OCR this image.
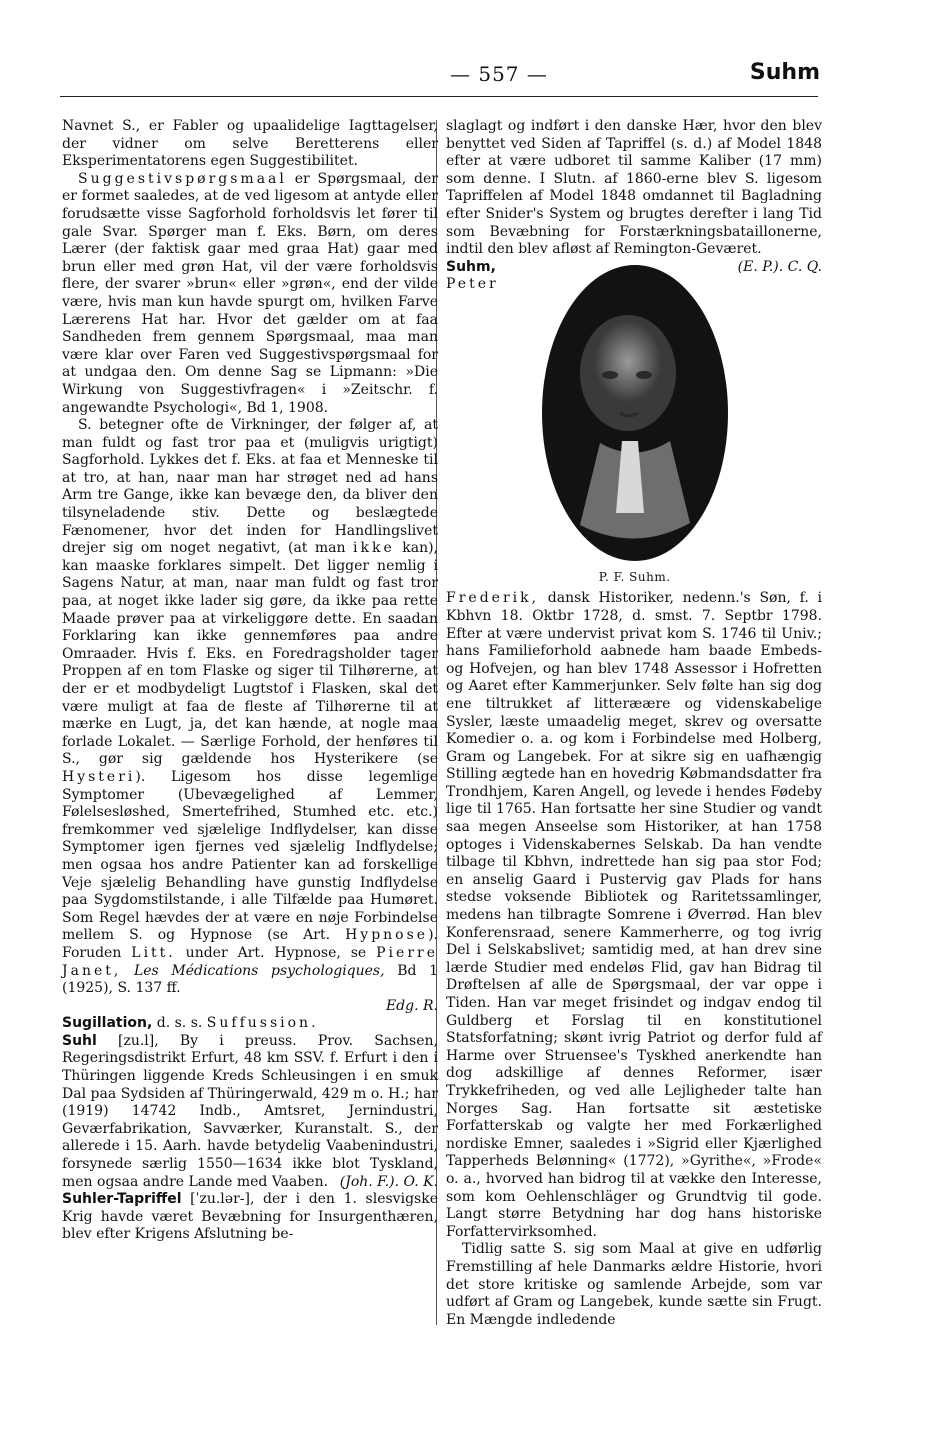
— 557 —	Suhm

Navnet S., er Fabler og upaalidelige Iagttagelser, der vidner om selve Beretterens eller Eksperimentatorens egen Suggestibilitet.

Suggestivspørgsmaal er Spørgsmaal, der er formet saaledes, at de ved ligesom at antyde eller forudsætte visse Sagforhold forholdsvis let fører til gale Svar. Spørger man f. Eks. Børn, om deres Lærer (der faktisk gaar med graa Hat) gaar med brun eller med grøn Hat, vil der være forholdsvis flere, der svarer »brun« eller »grøn«, end der vilde være, hvis man kun havde spurgt om, hvilken Farve Lærerens Hat har. Hvor det gælder om at faa Sandheden frem gennem Spørgsmaal, maa man være klar over Faren ved Suggestivspørgsmaal for at undgaa den. Om denne Sag se Lipmann: »Die Wirkung von Suggestivfragen« i »Zeitschr. f. angewandte Psychologi«, Bd 1, 1908.

S. betegner ofte de Virkninger, der følger af, at man fuldt og fast tror paa et (muligvis urigtigt) Sagforhold. Lykkes det f. Eks. at faa et Menneske til at tro, at han, naar man har strøget ned ad hans Arm tre Gange, ikke kan bevæge den, da bliver den tilsyneladende stiv. Dette og beslægtede Fænomener, hvor det inden for Handlingslivet drejer sig om noget negativt, (at man ikke kan), kan maaske forklares simpelt. Det ligger nemlig i Sagens Natur, at man, naar man fuldt og fast tror paa, at noget ikke lader sig gøre, da ikke paa rette Maade prøver paa at virkeliggøre dette. En saadan Forklaring kan ikke gennemføres paa andre Omraader. Hvis f. Eks. en Foredragsholder tager Proppen af en tom Flaske og siger til Tilhørerne, at der er et modbydeligt Lugtstof i Flasken, skal det være muligt at faa de fleste af Tilhørerne til at mærke en Lugt, ja, det kan hænde, at nogle maa forlade Lokalet. — Særlige Forhold, der henføres til S., gør sig gældende hos Hysterikere (se Hysteri). Ligesom hos disse legemlige Symptomer (Ubevægelighed af Lemmer, Følelsesløshed, Smertefrihed, Stumhed etc. etc.) fremkommer ved sjælelige Indflydelser, kan disse Symptomer igen fjernes ved sjælelig Indflydelse; men ogsaa hos andre Patienter kan ad forskellige Veje sjælelig Behandling have gunstig Indflydelse paa Sygdomstilstande, i alle Tilfælde paa Humøret. Som Regel hævdes der at være en nøje Forbindelse mellem S. og Hypnose (se Art. Hypnose). Foruden Litt. under Art. Hypnose, se Pierre Janet, Les Médications psychologiques, Bd 1 (1925), S. 137 ff.
Edg. R.

Sugillation, d. s. s. Suffussion.

Suhl [zu.l], By i preuss. Prov. Sachsen, Regeringsdistrikt Erfurt, 48 km SSV. f. Erfurt i den i Thüringen liggende Kreds Schleusingen i en smuk Dal paa Sydsiden af Thüringerwald, 429 m o. H.; har (1919) 14742 Indb., Amtsret, Jernindustri, Geværfabrikation, Savværker, Kuranstalt. S., der allerede i 15. Aarh. havde betydelig Vaabenindustri, forsynede særlig 1550—1634 ikke blot Tyskland, men ogsaa andre Lande med Vaaben. (Joh. F.). O. K.

Suhler-Tapriffel [ˈzu.lər-], der i den 1. slesvigske Krig havde været Bevæbning for Insurgenthæren, blev efter Krigens Afslutning be-

slaglagt og indført i den danske Hær, hvor den blev benyttet ved Siden af Tapriffel (s. d.) af Model 1848 efter at være udboret til samme Kaliber (17 mm) som denne. I Slutn. af 1860-erne blev S. ligesom Tapriffelen af Model 1848 omdannet til Bagladning efter Snider's System og brugtes derefter i lang Tid som Bevæbning for Forstærkningsbataillonerne, indtil den blev afløst af Remington-Geværet.
(E. P.). C. Q.

P. F. Suhm.

Suhm, Peter Frederik, dansk Historiker, nedenn.'s Søn, f. i Kbhvn 18. Oktbr 1728, d. smst. 7. Septbr 1798. Efter at være undervist privat kom S. 1746 til Univ.; hans Familieforhold aabnede ham baade Embeds- og Hofvejen, og han blev 1748 Assessor i Hofretten og Aaret efter Kammerjunker. Selv følte han sig dog ene tiltrukket af litteræære og videnskabelige Sysler, læste umaadelig meget, skrev og oversatte Komedier o. a. og kom i Forbindelse med Holberg, Gram og Langebek. For at sikre sig en uafhængig Stilling ægtede han en hovedrig Købmandsdatter fra Trondhjem, Karen Angell, og levede i hendes Fødeby lige til 1765. Han fortsatte her sine Studier og vandt saa megen Anseelse som Historiker, at han 1758 optoges i Videnskabernes Selskab. Da han vendte tilbage til Kbhvn, indrettede han sig paa stor Fod; en anselig Gaard i Pustervig gav Plads for hans stedse voksende Bibliotek og Raritetssamlinger, medens han tilbragte Somrene i Øverrød. Han blev Konferensraad, senere Kammerherre, og tog ivrig Del i Selskabslivet; samtidig med, at han drev sine lærde Studier med endeløs Flid, gav han Bidrag til Drøftelsen af alle de Spørgsmaal, der var oppe i Tiden. Han var meget frisindet og indgav endog til Guldberg et Forslag til en konstitutionel Statsforfatning; skønt ivrig Patriot og derfor fuld af Harme over Struensee's Tyskhed anerkendte han dog adskillige af dennes Reformer, især Trykkefriheden, og ved alle Lejligheder talte han Norges Sag. Han fortsatte sit æstetiske Forfatterskab og valgte her med Forkærlighed nordiske Emner, saaledes i »Sigrid eller Kjærlighed Tapperheds Belønning« (1772), »Gyrithe«, »Frode« o. a., hvorved han bidrog til at vække den Interesse, som kom Oehlenschläger og Grundtvig til gode. Langt større Betydning har dog hans historiske Forfattervirksomhed.

Tidlig satte S. sig som Maal at give en udførlig Fremstilling af hele Danmarks ældre Historie, hvori det store kritiske og samlende Arbejde, som var udført af Gram og Langebek, kunde sætte sin Frugt. En Mængde indledende
